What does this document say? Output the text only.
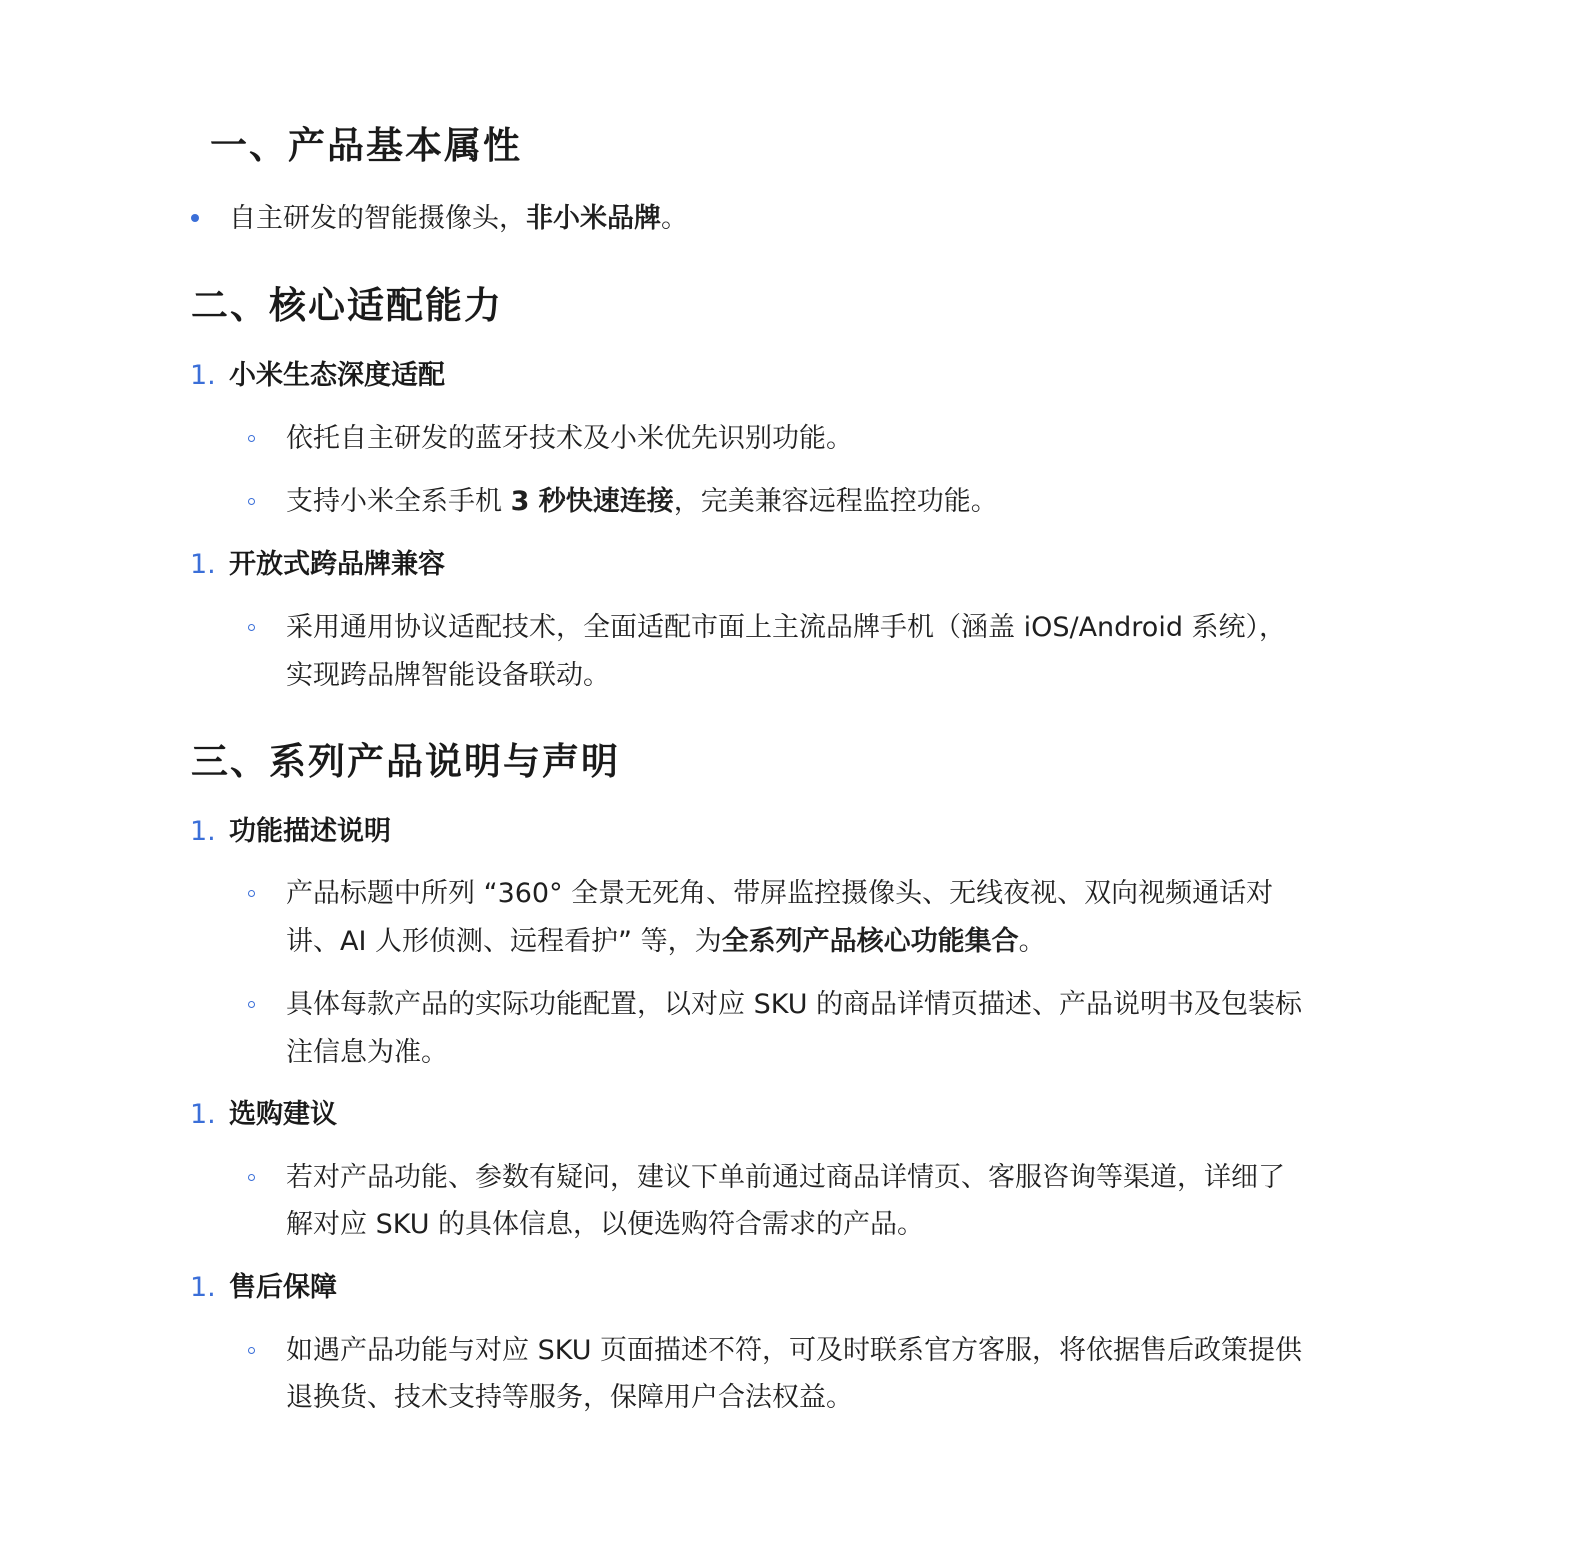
一、产品基本属性
自主研发的智能摄像头，非小米品牌。
二、核心适配能力
1. 小米生态深度适配
依托自主研发的蓝牙技术及小米优先识别功能。
支持小米全系手机 3 秒快速连接，完美兼容远程监控功能。
1. 开放式跨品牌兼容
采用通用协议适配技术，全面适配市面上主流品牌手机（涵盖 iOS/Android 系统），
实现跨品牌智能设备联动。
三、系列产品说明与声明
1. 功能描述说明
产品标题中所列 “360° 全景无死角、带屏监控摄像头、无线夜视、双向视频通话对
讲、AI 人形侦测、远程看护” 等，为全系列产品核心功能集合。
具体每款产品的实际功能配置，以对应 SKU 的商品详情页描述、产品说明书及包装标
注信息为准。
1. 选购建议
若对产品功能、参数有疑问，建议下单前通过商品详情页、客服咨询等渠道，详细了
解对应 SKU 的具体信息，以便选购符合需求的产品。
1. 售后保障
如遇产品功能与对应 SKU 页面描述不符，可及时联系官方客服，将依据售后政策提供
退换货、技术支持等服务，保障用户合法权益。
